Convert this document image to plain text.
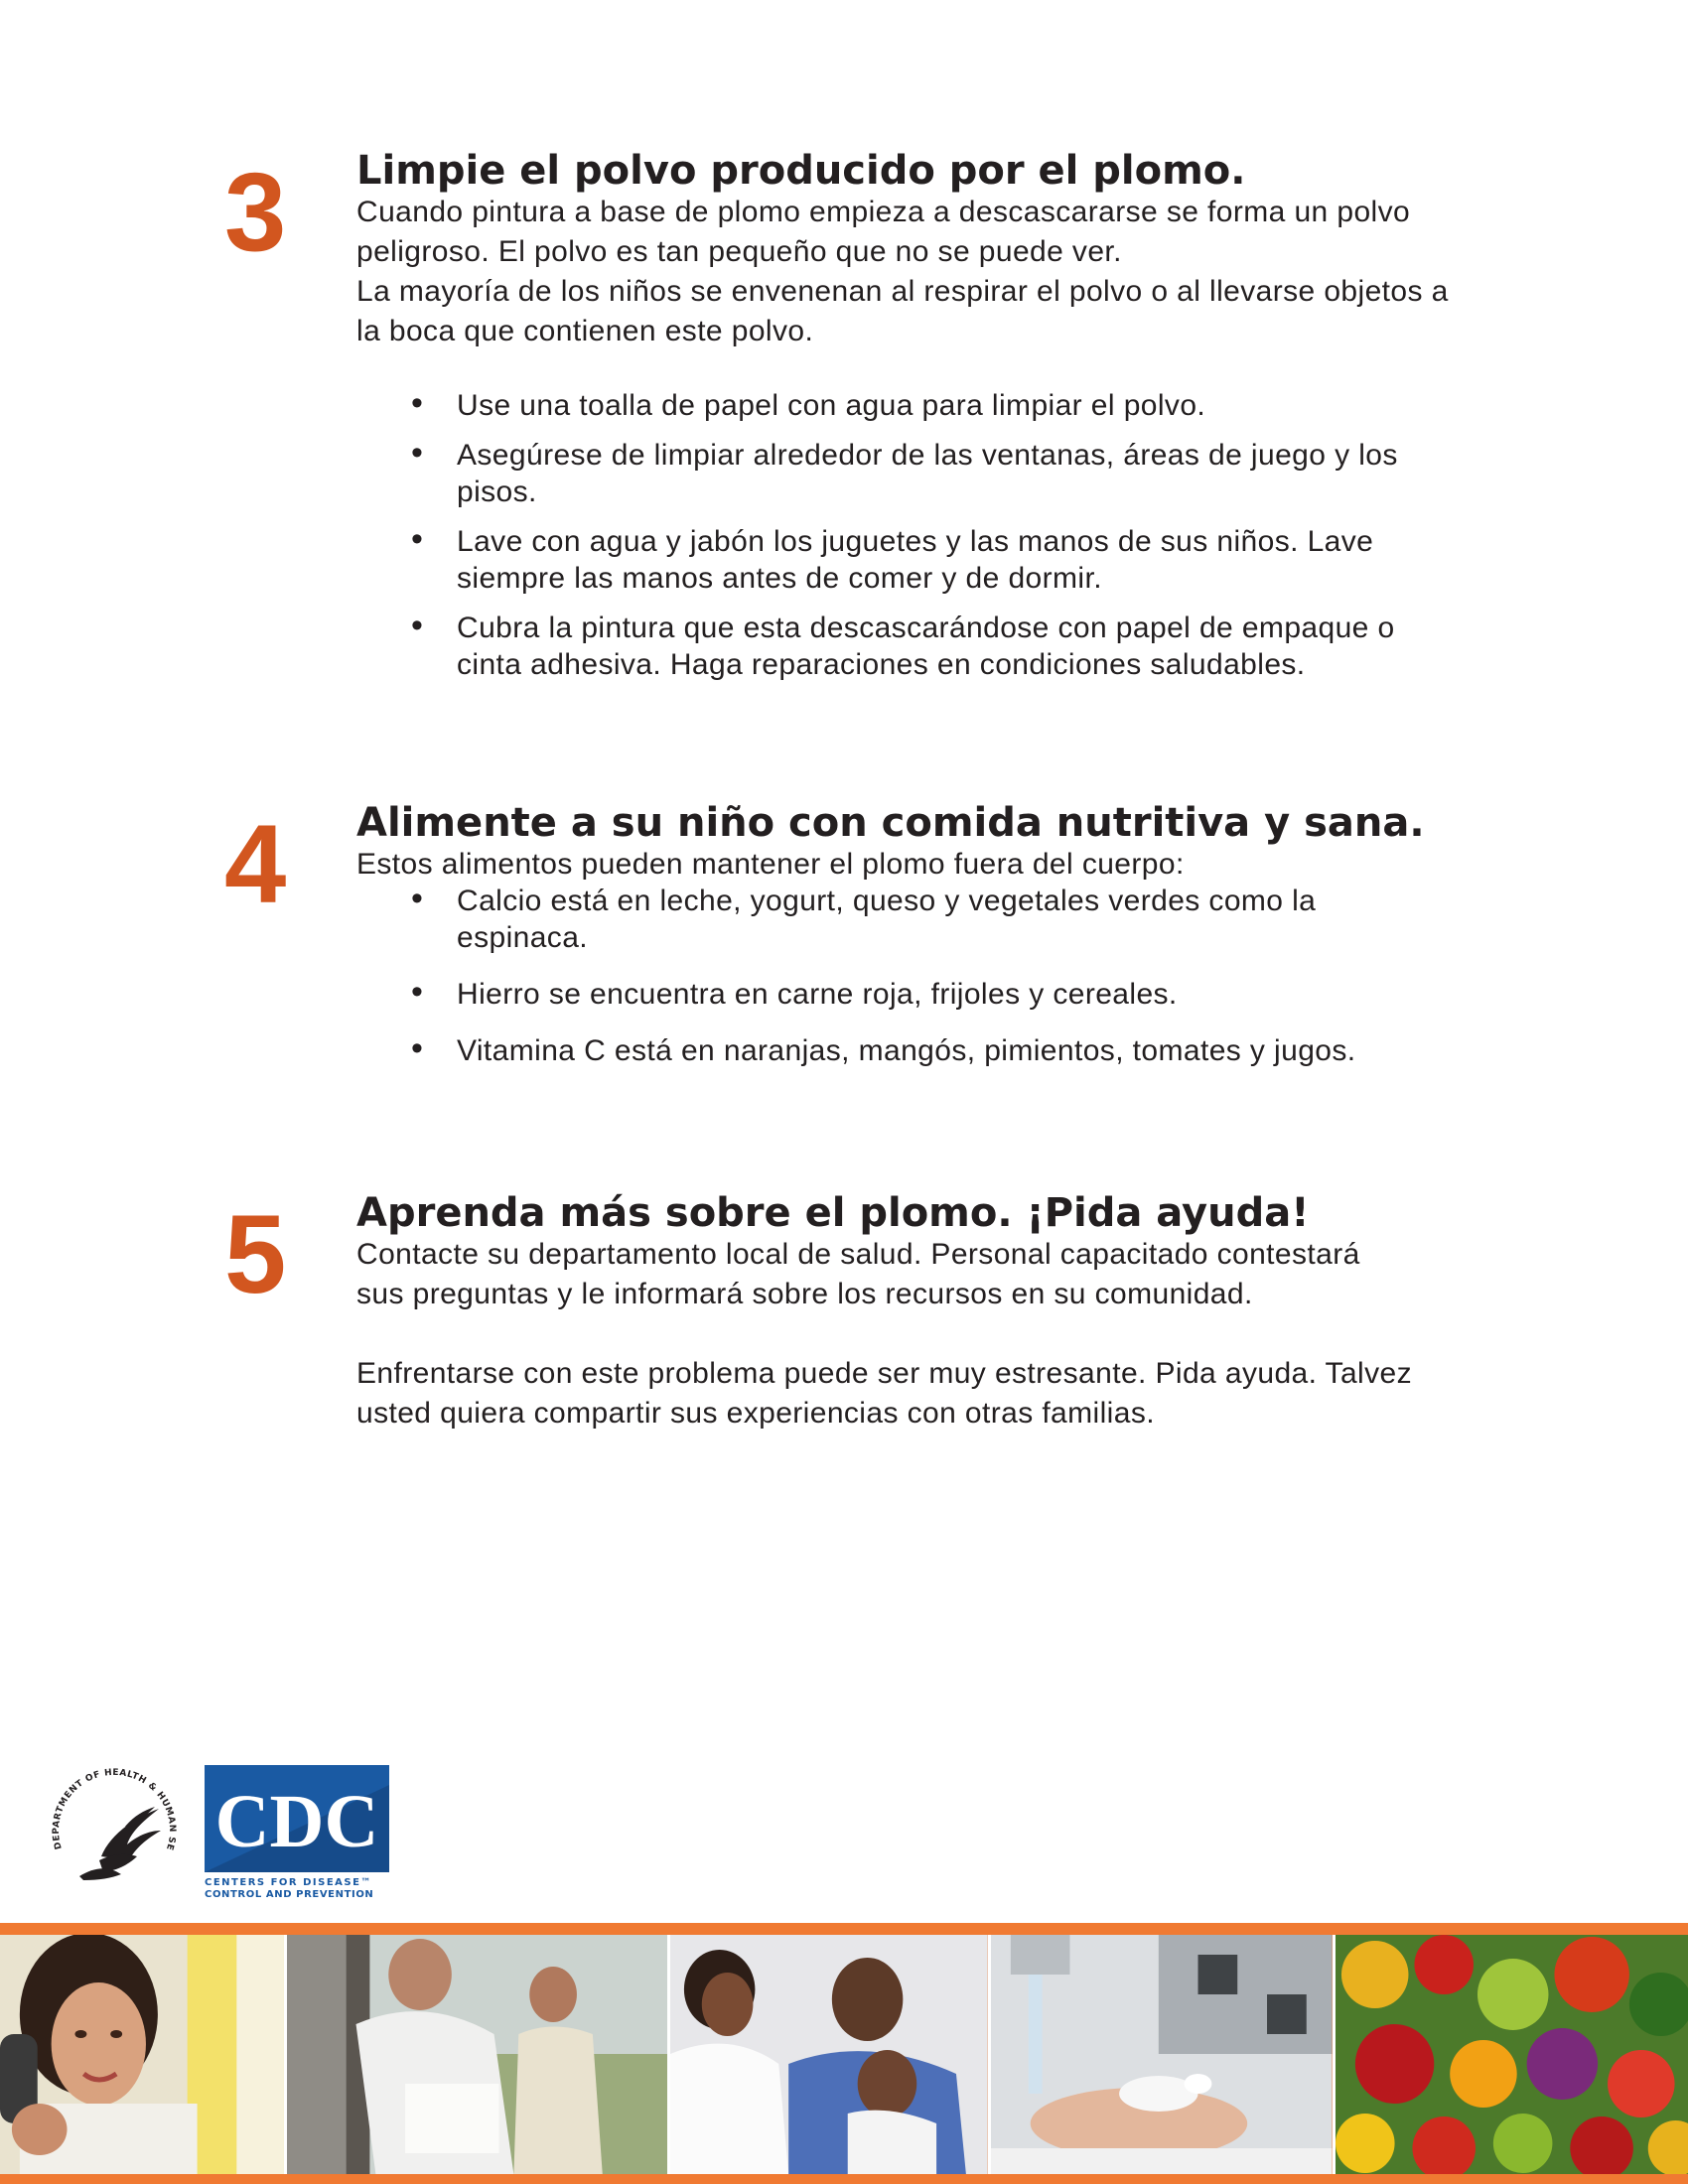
3	Limpie el polvo producido por el plomo.

Cuando pintura a base de plomo empieza a descascararse se forma un polvo peligroso. El polvo es tan pequeño que no se puede ver.

La mayoría de los niños se envenenan al respirar el polvo o al llevarse objetos a la boca que contienen este polvo.

• Use una toalla de papel con agua para limpiar el polvo.
• Asegúrese de limpiar alrededor de las ventanas, áreas de juego y los pisos.
• Lave con agua y jabón los juguetes y las manos de sus niños. Lave siempre las manos antes de comer y de dormir.
• Cubra la pintura que esta descascarándose con papel de empaque o cinta adhesiva. Haga reparaciones en condiciones saludables.
4	Alimente a su niño con comida nutritiva y sana.

Estos alimentos pueden mantener el plomo fuera del cuerpo:

• Calcio está en leche, yogurt, queso y vegetales verdes como la espinaca.
• Hierro se encuentra en carne roja, frijoles y cereales.
• Vitamina C está en naranjas, mangós, pimientos, tomates y jugos.
5	Aprenda más sobre el plomo. ¡Pida ayuda!

Contacte su departamento local de salud. Personal capacitado contestará sus preguntas y le informará sobre los recursos en su comunidad.

Enfrentarse con este problema puede ser muy estresante. Pida ayuda. Talvez usted quiera compartir sus experiencias con otras familias.

DEPARTMENT OF HEALTH & HUMAN SE CDC
CENTERS FOR DISEASE™
CONTROL AND PREVENTION
